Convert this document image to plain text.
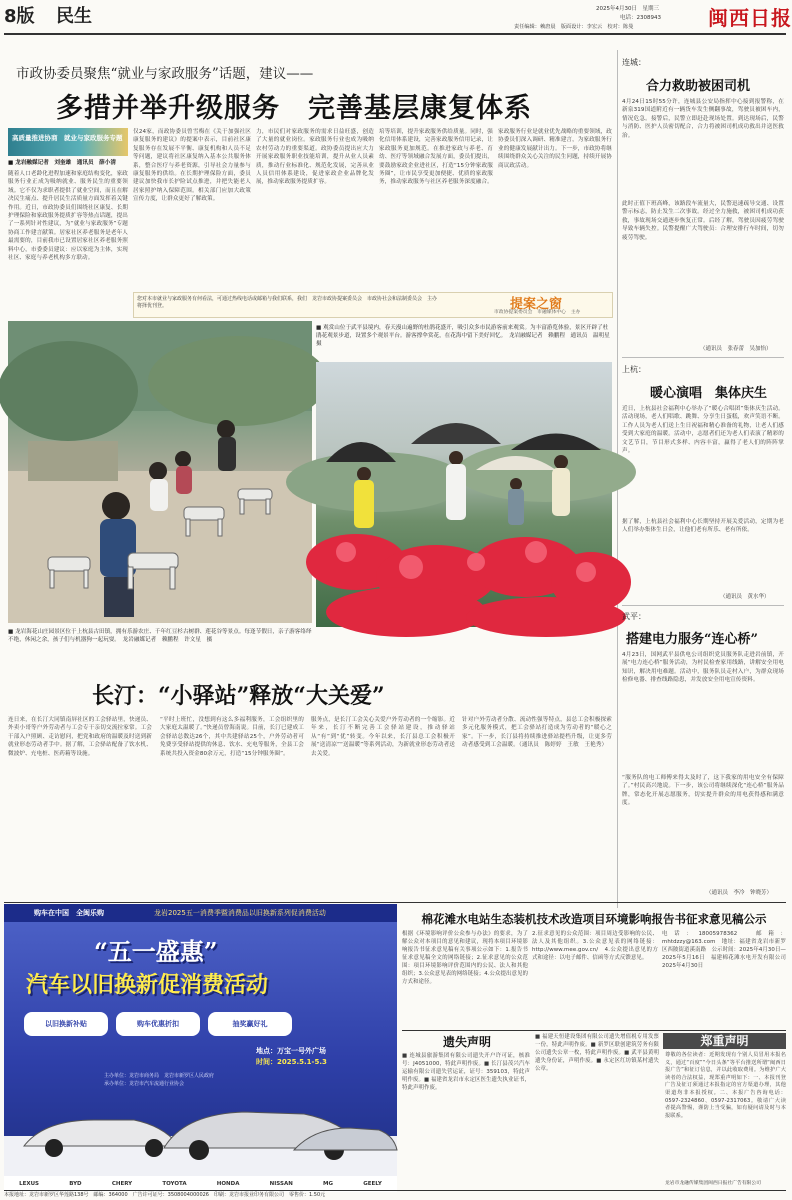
8版 民生	2025年4月30日　星期三
电话：2308943
责任编辑：赖唐晨　版面设计：李宏云　校对：陈曼	闽西日报
市政协委员聚焦“就业与家政服务”话题，建议——
多措并举升级服务　完善基层康复体系
高质量推进协商　就业与家政服务专题
■ 龙岩融媒记者　刘奎雄　通讯员　薛小清
随着人口老龄化进程加速和家庭结构变化，家政服务行业正成为吸纳就业、服务民生的重要领域。它不仅为求职者提供了就业空间，而且在解决民生痛点、提升居民生活质量方面发挥着关键作用。近日，市政协委员们围绕社区康复、长期护理保险和家政服务提质扩容等热点话题，提出了一系列针对性建议，为“就业与家政服务”专题协商工作建言献策。居家社区养老服务是老年人最需要的，目前我市已设置居家社区养老服务照料中心，市委委员建议：应以家庭为主体，实现社区、家庭与养老机构多方联动。
仅24家，而政协委员曾雪梅在《关于加强社区康复服务的建议》的提案中表示，目前社区康复服务存在发展不平衡、康复机构和人员不足等问题，建议将社区康复纳入基本公共服务体系，整合医疗与养老资源，引导社会力量参与康复服务的供给。在长期护理保险方面，委员建议加快我市长护险试点推进，并把失能老人居家照护纳入保障范围。相关部门应加大政策宣传力度，让群众更好了解政策。
力，市民们对家政服务的需求日益旺盛，创造了大量的就业岗位。家政服务行业也成为吸纳农村劳动力的重要渠道。政协委员提出应大力开展家政服务职业技能培训，提升从业人员素质，推动行业标准化、规范化发展，完善从业人员信用体系建设，促进家政企业品牌化发展，推动家政服务提质扩容。
培等培训，提升家政服务供给质量。同时，强化信用体系建设，完善家政服务信用记录，让家政服务更加规范。在推进家政与养老、育幼、医疗等领域融合发展方面，委员们提出，要鼓励家政企业进社区，打造“15分钟家政服务圈”，让市民享受更加便捷、优质的家政服务，推动家政服务与社区养老服务深度融合。
家政服务行业是就业优先战略的重要领域，政协委员们深入调研、精准建言，为家政服务行业的健康发展献计出力。下一步，市政协将继续围绕群众关心关注的民生问题，持续开展协商议政活动。
您对本市就业与家政服务有何看法，可通过热线电话或邮箱与我们联系，我们将择优刊登。
龙岩市政协提案委员会　市政协社会和法制委员会　主办	提案之窗
市政协提案委员会　市融媒体中心　主办
■ 龙岩海花山庄园景区位于上杭县古田镇，拥有乐游农庄、千年红豆杉古树群、莲花谷等景点。每逢节假日，亲子游客络绎不绝，休闲之余，孩子们与机器狗一起玩耍。　龙岩融媒记者　赖鹏程　许文星　摄
■ 观赏山位于武平县境内，春天漫山遍野的杜鹃花盛开，吸引众多市民游客前来观赏。为丰富游览体验，景区开辟了杜鹃花观景步道，设置多个观景平台。游客撑伞赏花，在花海中留下美好回忆。　龙岩融媒记者　赖鹏程　通讯员　温明星　摄
长汀：“小驿站”释放“大关爱”
连日来，在长汀大同镇南屏社区的工会驿站里，快递员、外卖小哥等户外劳动者与工会专干亲切交流拉家常。工会干部入户照顾、走访慰问，把党和政府的温暖及时送到新就业形态劳动者手中。据了解，工会驿站配备了饮水机、微波炉、充电桩、医药箱等设施。
“平时上班忙，没想到有这么多福利服务，工会组织里的大家庭太温暖了。”快递员曾海南说。目前，长汀已建成工会驿站总数达26个，其中共建驿站25个，户外劳动者可免费享受驿站提供的休息、饮水、充电等服务，全县工会系统共投入资金80余万元，打造“15分钟服务圈”。
服务点，是长汀工会关心关爱户外劳动者的一个缩影。近年来，长汀不断完善工会驿站建设，推动驿站从“有”到“优”转变。今年以来，长汀县总工会积极开展“送清凉”“送温暖”等系列活动，为新就业形态劳动者送去关爱。
针对户外劳动者分散、流动性强等特点，县总工会积极探索多元化服务模式，把工会驿站打造成为劳动者的“暖心之家”。下一步，长汀县将持续推进驿站提档升级，让更多劳动者感受到工会温暖。（通讯员　陈婷婷　王敏　王艳秀）
连城：
合力救助被困司机
4月24日15时55分许，连城县公安局指挥中心接到报警称，在新泉319国道附近有一辆货车发生侧翻事故，驾驶员被困车内，情况危急。接警后，民警立即赶赴现场处置。到达现场后，民警与消防、医护人员密切配合，合力将被困司机成功救出并送医救治。
此时正值下班高峰，该路段车流量大，民警迅速疏导交通、设置警示标志，防止发生二次事故。经过全力施救，被困司机成功获救，事故现场交通逐步恢复正常。后经了解，驾驶员因疲劳驾驶导致车辆失控。民警提醒广大驾驶员：合理安排行车时间，切勿疲劳驾驶。
（通讯员　张春蕾　吴加怡）
上杭：
暖心演唱　集体庆生
近日，上杭县社会福利中心举办了“暖心合唱团”集体庆生活动。活动现场，老人们唱歌、跳舞、分享生日蛋糕，欢声笑语不断。工作人员为老人们送上生日祝福和精心准备的礼物，让老人们感受到大家庭的温暖。活动中，志愿者们还为老人们表演了精彩的文艺节目，节目形式多样、内容丰富，赢得了老人们的阵阵掌声。
据了解，上杭县社会福利中心长期坚持开展关爱活动，定期为老人们举办集体生日会，让他们老有所乐、老有所依。
（通讯员　黄水华）
武平：
搭建电力服务“连心桥”
4月23日，国网武平县供电公司组织党员服务队走进岩前镇，开展“电力连心桥”服务活动，为村民检查家用线路，讲解安全用电知识，解决用电难题。活动中，服务队员走村入户，为群众现场检修电器、排查线路隐患，并发放安全用电宣传资料。
“服务队的电工师傅来得太及时了，这下我家的用电安全有保障了。”村民高兴地说。下一步，该公司将继续深化“连心桥”服务品牌，常态化开展志愿服务，切实提升群众的用电获得感和满意度。
（通讯员　李冷　钟晓芳）
购车在中国　全闽乐购	龙岩2025五一消费季暨消费品以旧换新系列促消费活动
“五一盛惠”
汽车以旧换新促消费活动
以旧换新补贴	购车优惠折扣	抽奖赢好礼
地点：万宝一号外广场
时间：2025.5.1-5.3
主办单位：龙岩市商务局　龙岩市新罗区人民政府
承办单位：龙岩市汽车流通行业协会
LEXUS	BYD	CHERY	TOYOTA	HONDA	NISSAN	MG	GEELY
棉花滩水电站生态装机技术改造项目环境影响报告书征求意见稿公示
根据《环境影响评价公众参与办法》的要求，为了解公众对本项目的意见和建议，现将本项目环境影响报告书征求意见稿有关事项公示如下：1.报告书征求意见稿全文的网络链接；2.征求意见的公众范围：项目环境影响评价范围内的公民、法人和其他组织；3.公众意见表的网络链接；4.公众提出意见的方式和途径。
2.征求意见的公众范围：项目周边受影响的公民、法人及其他组织。3.公众意见表的网络链接：http://www.mee.gov.cn/　4.公众提出意见的方式和途径：以电子邮件、信函等方式反馈意见。
电话：18005978362　邮箱：mhtdzzy@163.com　地址：福建省龙岩市新罗区西陂街道溪南路　公示时间：2025年4月30日—2025年5月16日　福建棉花滩水电开发有限公司　2025年4月30日
遗失声明
■ 连城县旅游集团有限公司遗失开户许可证，核准号：J4051000，特此声明作废。■ 长汀县茂兴汽车运输有限公司遗失营运证，证号：359103，特此声明作废。■ 福建省龙岩市永定区医生遗失执业证书，特此声明作废。
■ 福建天恒建设集团有限公司遗失增值税专用发票一份，特此声明作废。■ 新罗区联创建筑劳务有限公司遗失公章一枚，特此声明作废。■ 武平县黄明遗失身份证，声明作废。■ 永定区红坊镇某村遗失公章。
郑重声明
尊敬的各位读者：近期发现有个别人员冒用本报名义，通过“百度”“今日头条”等平台推送所谓“闽西日报广告”和征订信息，并以此收取费用。为维护广大读者的合法权益，现郑重声明如下：一、本报刊登广告及征订须通过本报指定的官方渠道办理，其他渠道均非本报授权。二、本报广告咨询电话：0597-2324860、0597-2317063。敬请广大读者提高警惕，谨防上当受骗，如有疑问请及时与本报联系。
龙岩市龙融传媒集团闽西日报社广告有限公司
本报地址：龙岩市新罗区华莲路138号　邮编：364000　广告许可证号：3508004000026　印刷：龙岩市报业印务有限公司　零售价：1.50元
